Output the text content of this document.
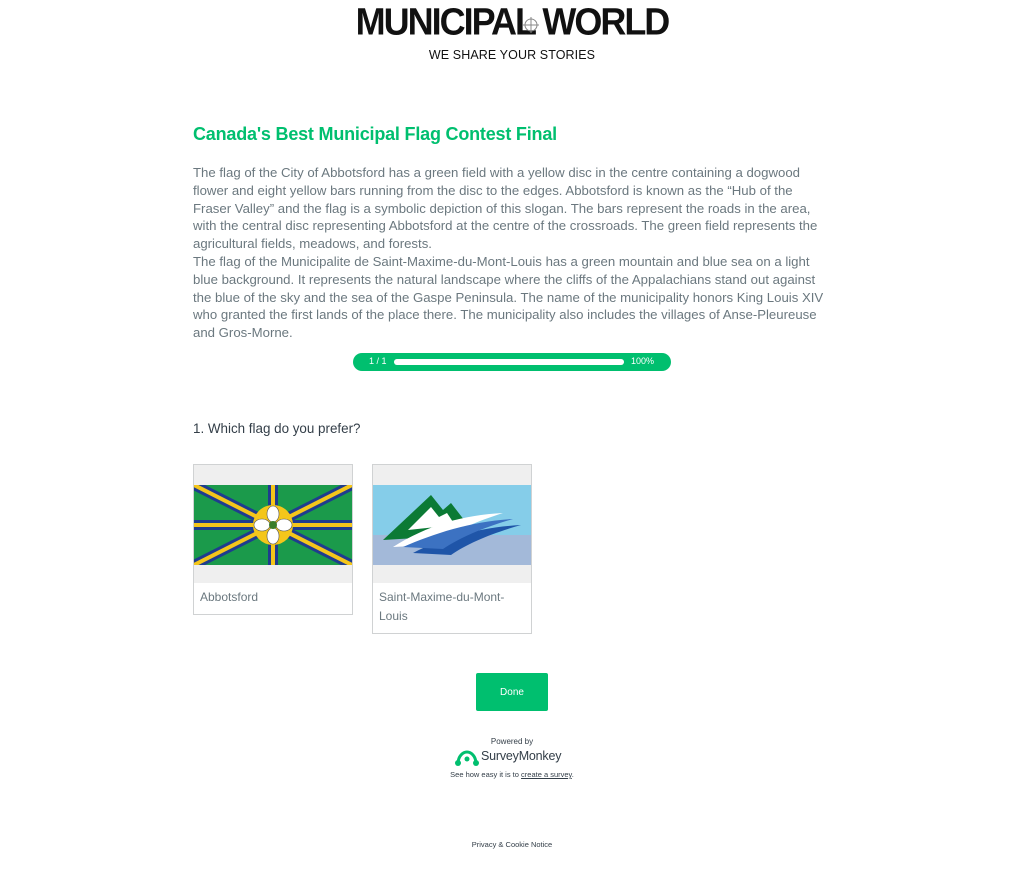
MUNICIPAL WORLD
WE SHARE YOUR STORIES
Canada's Best Municipal Flag Contest Final

The flag of the City of Abbotsford has a green field with a yellow disc in the centre containing a dogwood flower and eight yellow bars running from the disc to the edges. Abbotsford is known as the “Hub of the Fraser Valley” and the flag is a symbolic depiction of this slogan. The bars represent the roads in the area, with the central disc representing Abbotsford at the centre of the crossroads. The green field represents the agricultural fields, meadows, and forests.

The flag of the Municipalite de Saint-Maxime-du-Mont-Louis has a green mountain and blue sea on a light blue background. It represents the natural landscape where the cliffs of the Appalachians stand out against the blue of the sky and the sea of the Gaspe Peninsula. The name of the municipality honors King Louis XIV who granted the first lands of the place there. The municipality also includes the villages of Anse-Pleureuse and Gros-Morne.

1 / 1	100%

1. Which flag do you prefer?

Abbotsford	Saint-Maxime-du-Mont-Louis
Done
Powered by
SurveyMonkey
See how easy it is to create a survey.
Privacy & Cookie Notice
